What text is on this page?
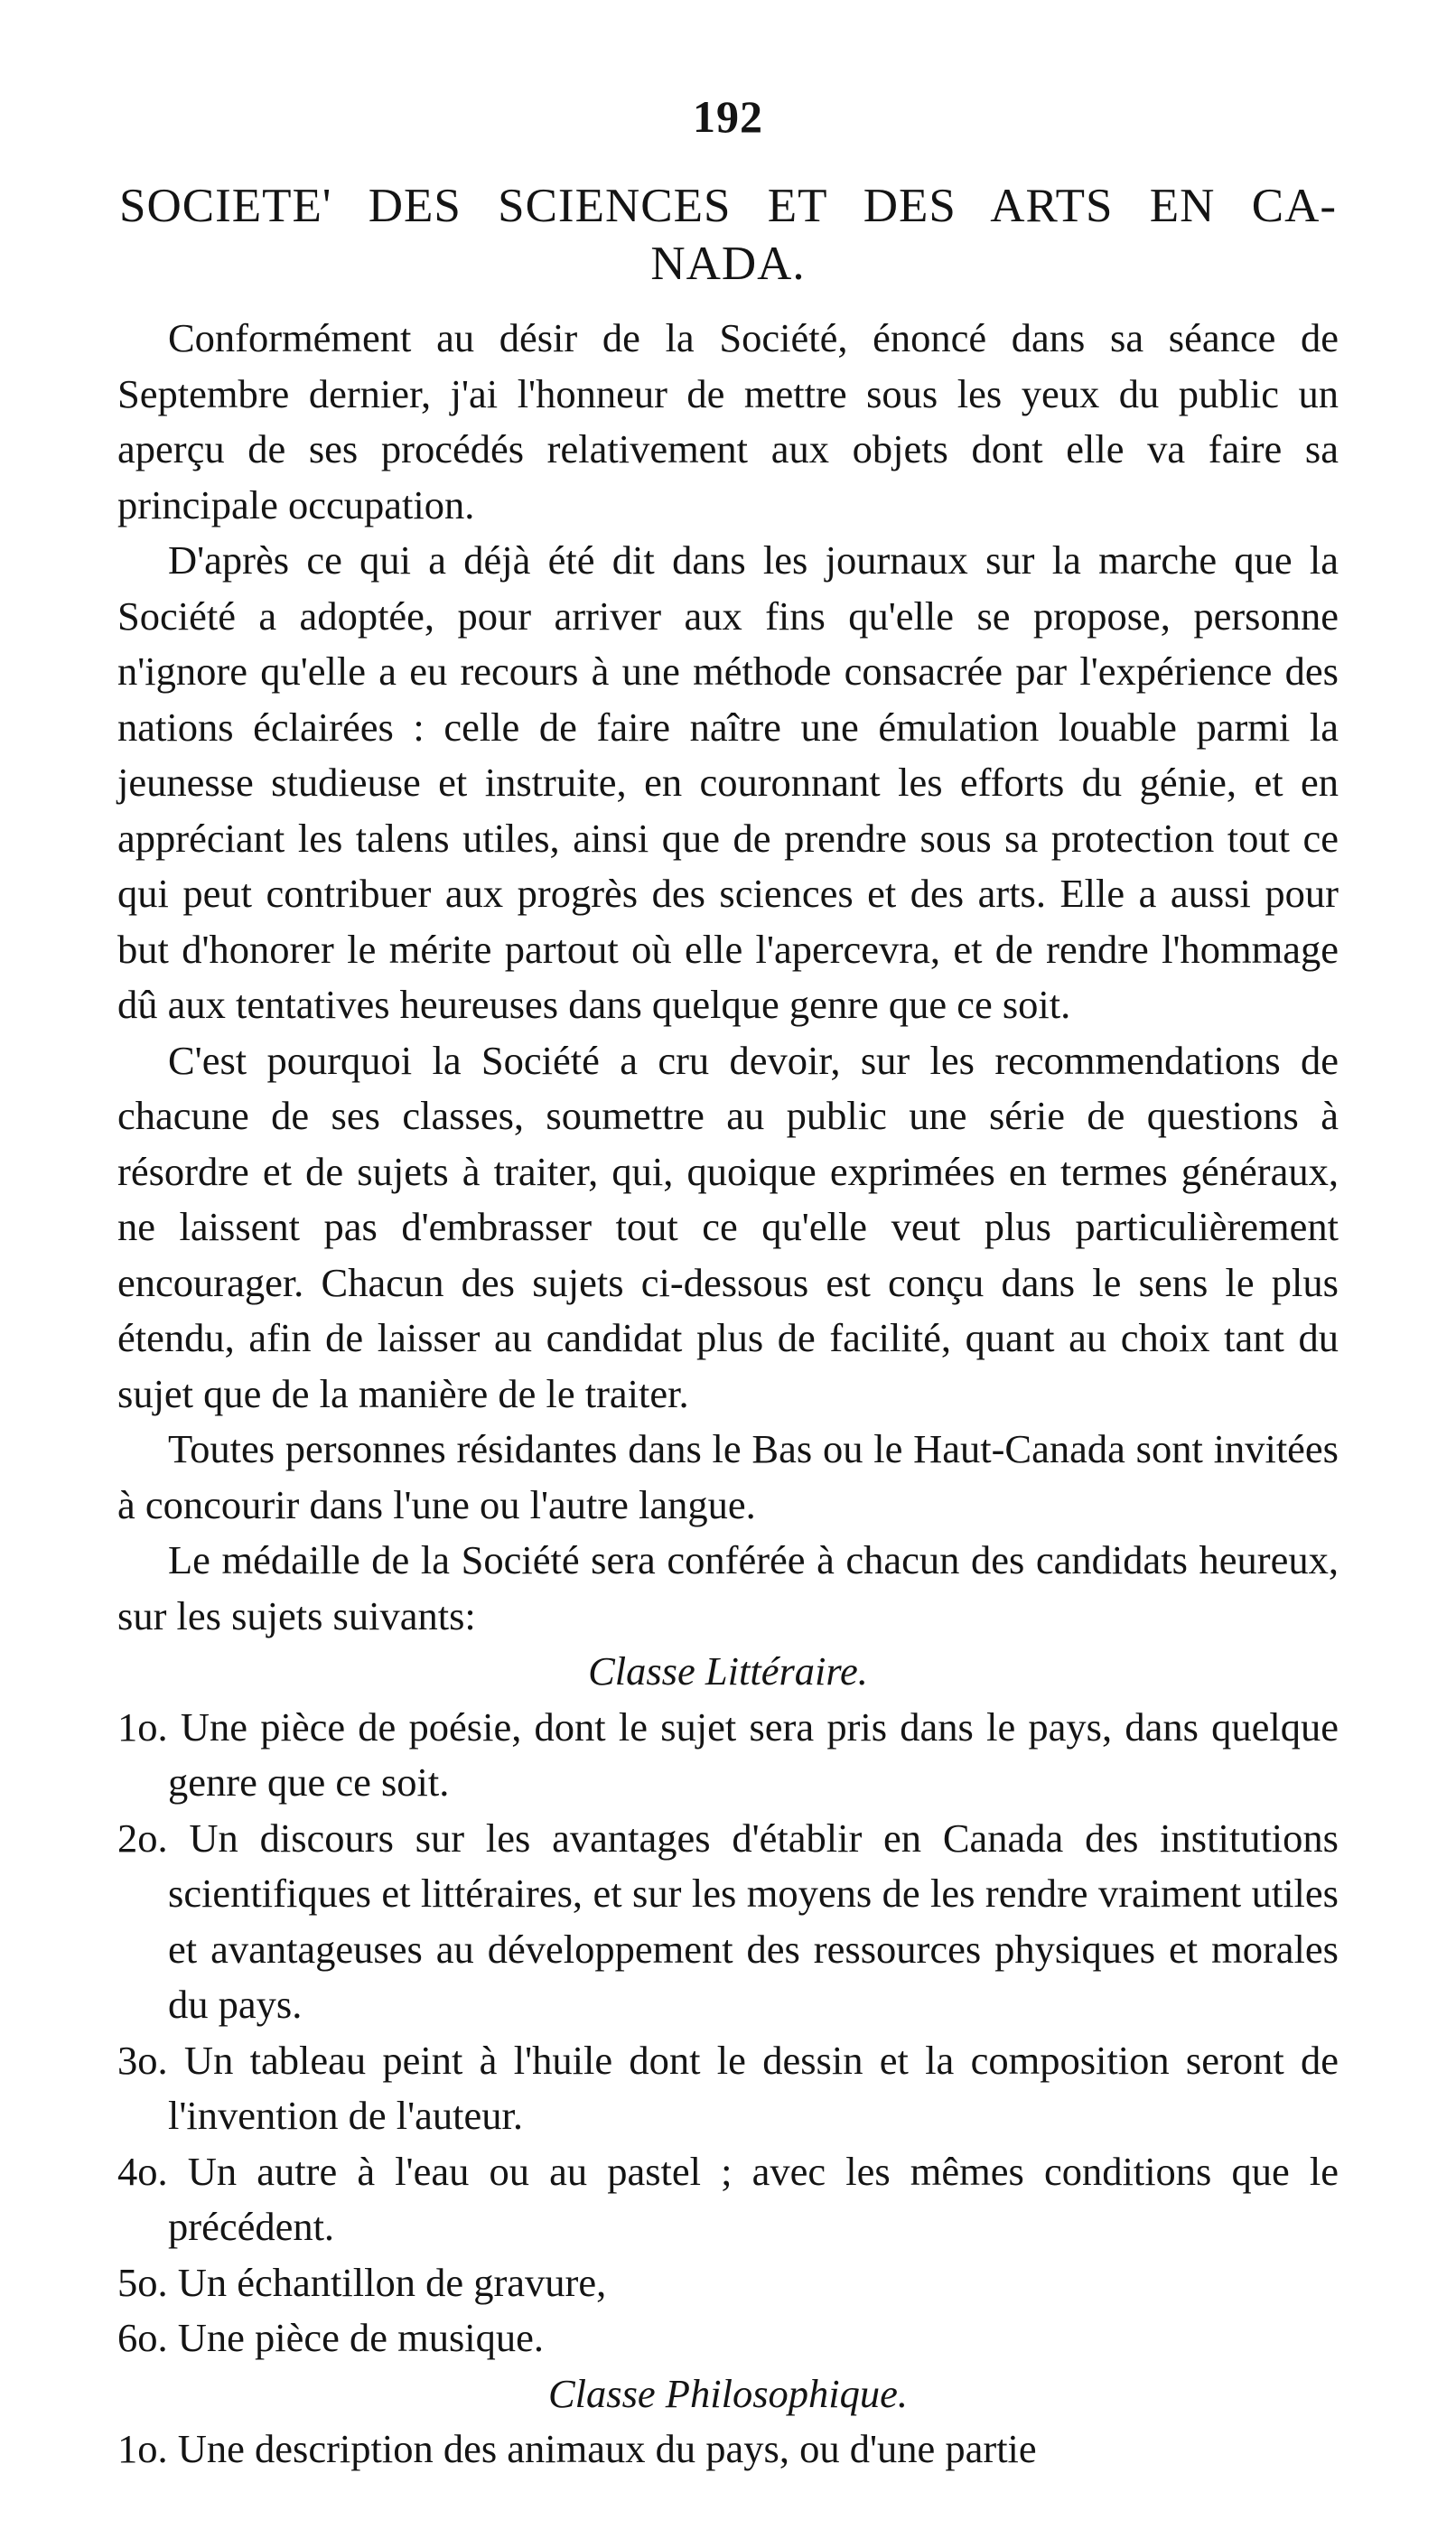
192
SOCIETE' DES SCIENCES ET DES ARTS EN CA-
NADA.

Conformément au désir de la Société, énoncé dans sa séance de Septembre dernier, j'ai l'honneur de mettre sous les yeux du public un aperçu de ses procédés relativement aux objets dont elle va faire sa principale occupation.

D'après ce qui a déjà été dit dans les journaux sur la marche que la Société a adoptée, pour arriver aux fins qu'elle se propose, personne n'ignore qu'elle a eu recours à une méthode consacrée par l'expérience des nations éclairées : celle de faire naître une émulation louable parmi la jeunesse studieuse et instruite, en couronnant les efforts du génie, et en appréciant les talens utiles, ainsi que de prendre sous sa protection tout ce qui peut contribuer aux progrès des sciences et des arts. Elle a aussi pour but d'honorer le mérite partout où elle l'apercevra, et de rendre l'hommage dû aux tentatives heureuses dans quelque genre que ce soit.

C'est pourquoi la Société a cru devoir, sur les recommendations de chacune de ses classes, soumettre au public une série de questions à résordre et de sujets à traiter, qui, quoique exprimées en termes généraux, ne laissent pas d'embrasser tout ce qu'elle veut plus particulièrement encourager. Chacun des sujets ci-dessous est conçu dans le sens le plus étendu, afin de laisser au candidat plus de facilité, quant au choix tant du sujet que de la manière de le traiter.

Toutes personnes résidantes dans le Bas ou le Haut-Canada sont invitées à concourir dans l'une ou l'autre langue.

Le médaille de la Société sera conférée à chacun des candidats heureux, sur les sujets suivants:

Classe Littéraire.

1o. Une pièce de poésie, dont le sujet sera pris dans le pays, dans quelque genre que ce soit.

2o. Un discours sur les avantages d'établir en Canada des institutions scientifiques et littéraires, et sur les moyens de les rendre vraiment utiles et avantageuses au développement des ressources physiques et morales du pays.

3o. Un tableau peint à l'huile dont le dessin et la composition seront de l'invention de l'auteur.

4o. Un autre à l'eau ou au pastel ; avec les mêmes conditions que le précédent.

5o. Un échantillon de gravure,

6o. Une pièce de musique.

Classe Philosophique.

1o. Une description des animaux du pays, ou d'une partie
